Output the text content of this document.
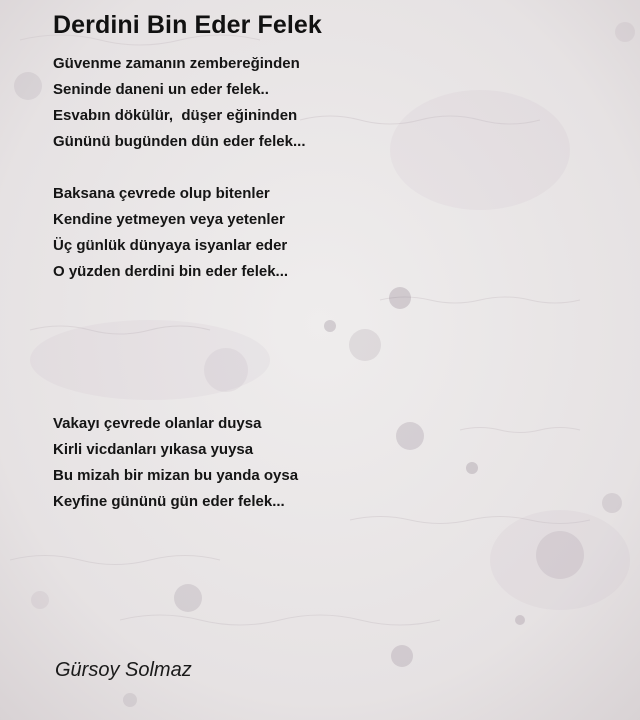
Derdini Bin Eder Felek
Güvenme zamanın zembereğinden
Seninde daneni un eder felek..
Esvabın dökülür,  düşer eğininden
Gününü bugünden dün eder felek...
Baksana çevrede olup bitenler
Kendine yetmeyen veya yetenler
Üç günlük dünyaya isyanlar eder
O yüzden derdini bin eder felek...
Vakayı çevrede olanlar duysa
Kirli vicdanları yıkasa yuysa
Bu mizah bir mizan bu yanda oysa
Keyfine gününü gün eder felek...
Gürsoy Solmaz
